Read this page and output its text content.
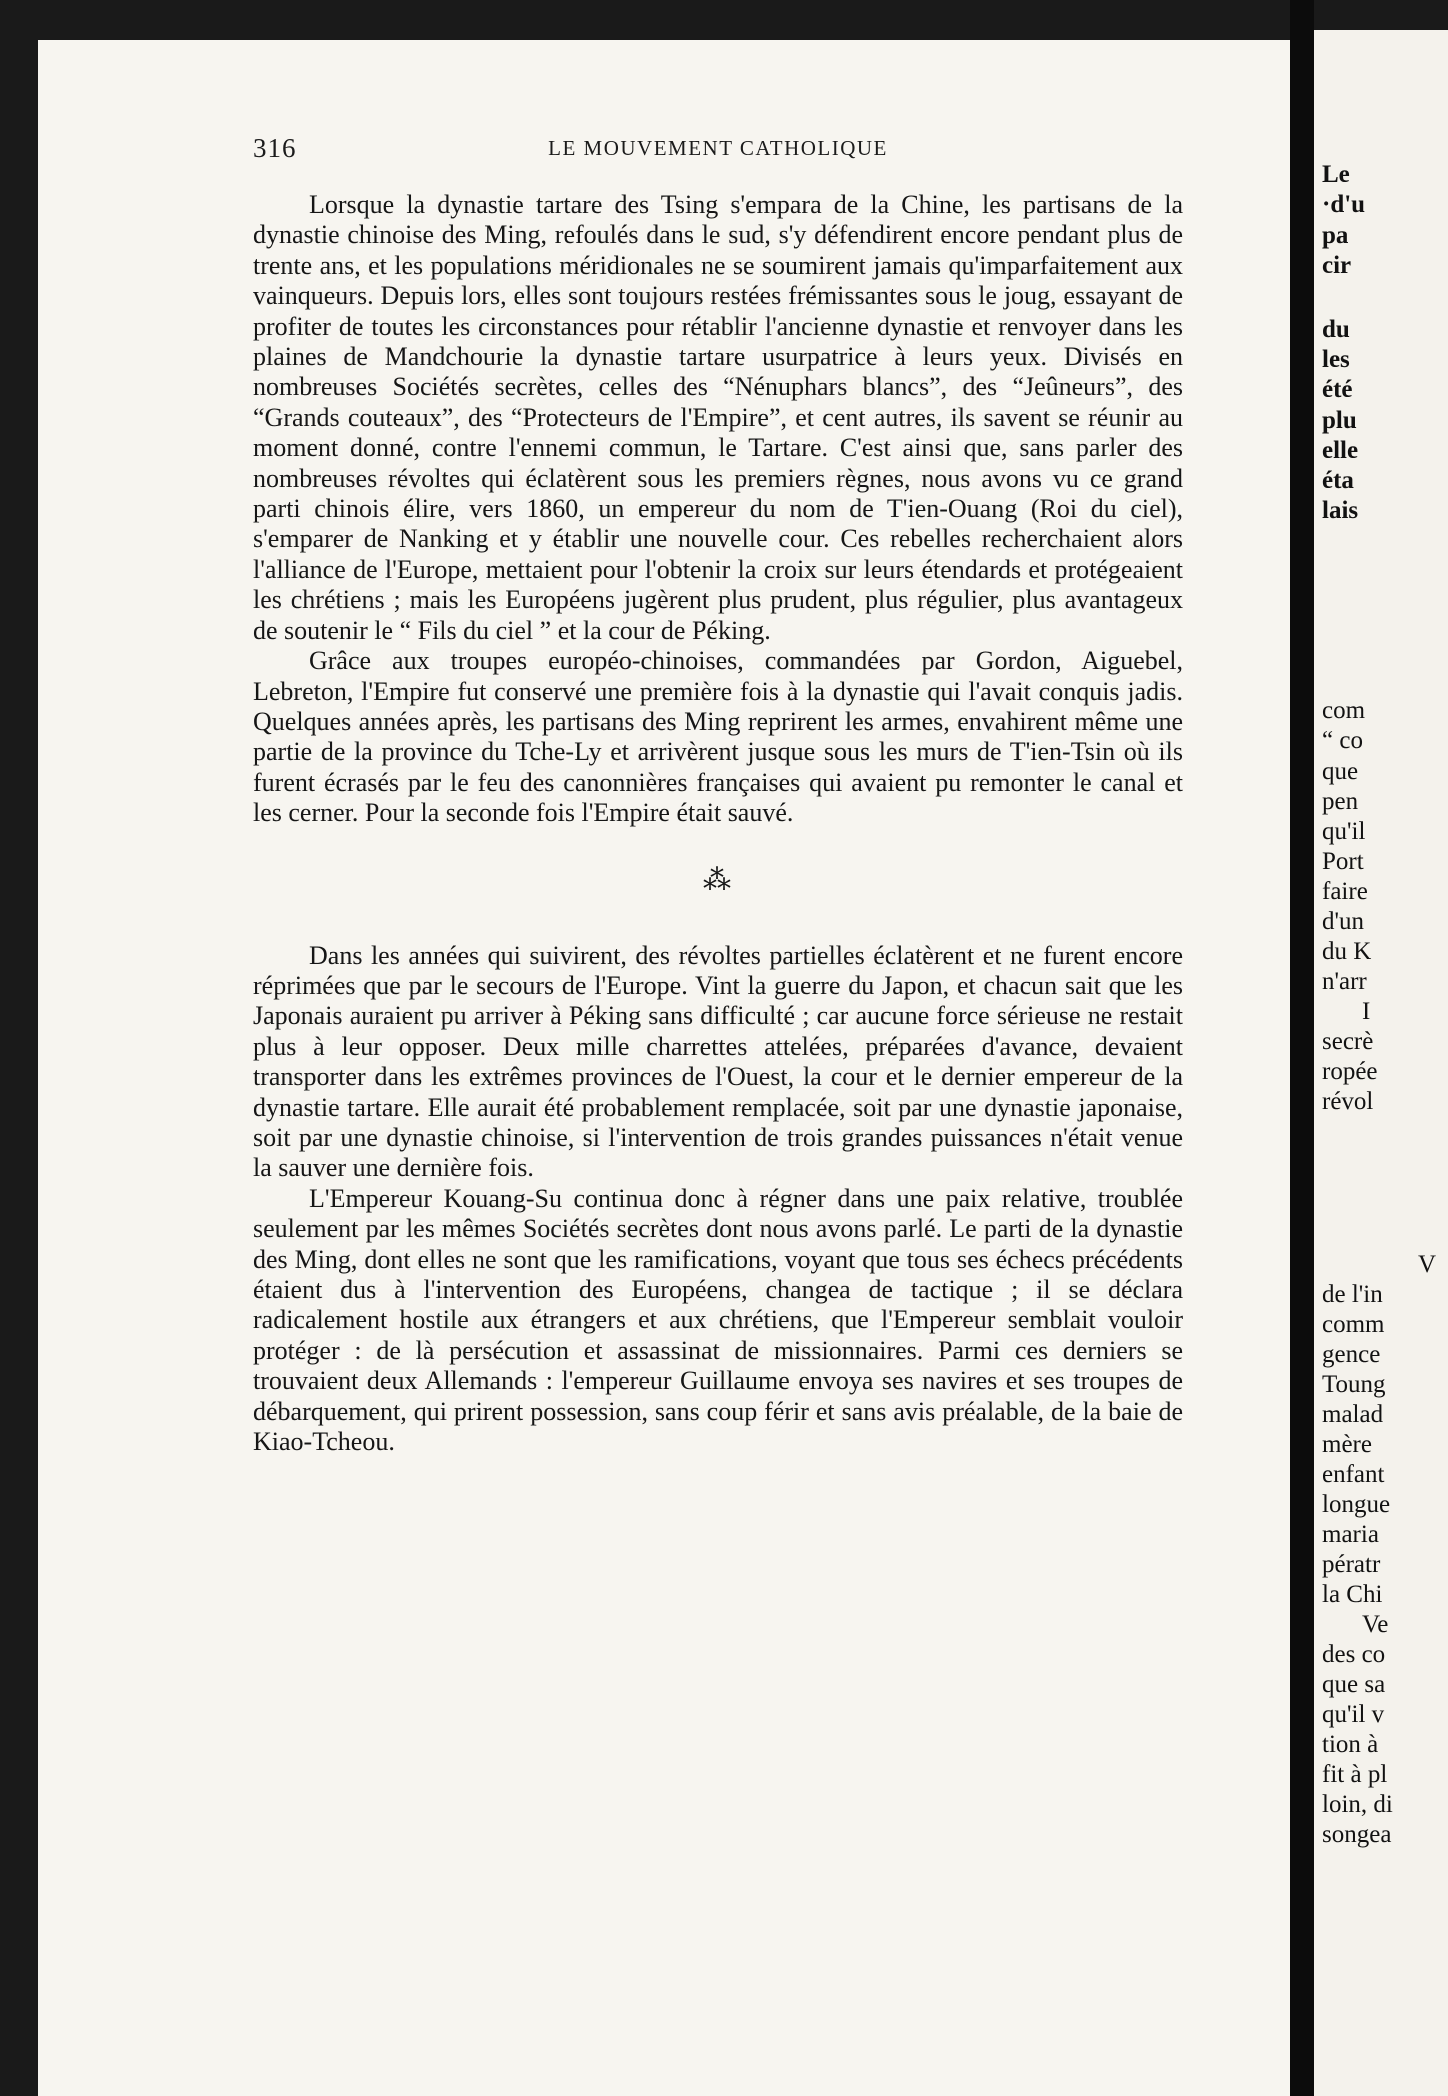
316	LE MOUVEMENT CATHOLIQUE

Lorsque la dynastie tartare des Tsing s'empara de la Chine, les partisans de la dynastie chinoise des Ming, refoulés dans le sud, s'y défendirent encore pendant plus de trente ans, et les populations méridionales ne se soumirent jamais qu'imparfaitement aux vainqueurs. Depuis lors, elles sont toujours restées frémissantes sous le joug, essayant de profiter de toutes les circonstances pour rétablir l'ancienne dynastie et renvoyer dans les plaines de Mandchourie la dynastie tartare usurpatrice à leurs yeux. Divisés en nombreuses Sociétés secrètes, celles des “Nénuphars blancs”, des “Jeûneurs”, des “Grands couteaux”, des “Protecteurs de l'Empire”, et cent autres, ils savent se réunir au moment donné, contre l'ennemi commun, le Tartare. C'est ainsi que, sans parler des nombreuses révoltes qui éclatèrent sous les premiers règnes, nous avons vu ce grand parti chinois élire, vers 1860, un empereur du nom de T'ien-Ouang (Roi du ciel), s'emparer de Nanking et y établir une nouvelle cour. Ces rebelles recherchaient alors l'alliance de l'Europe, mettaient pour l'obtenir la croix sur leurs étendards et protégeaient les chrétiens ; mais les Européens jugèrent plus prudent, plus régulier, plus avantageux de soutenir le “ Fils du ciel ” et la cour de Péking.

Grâce aux troupes européo-chinoises, commandées par Gordon, Aiguebel, Lebreton, l'Empire fut conservé une première fois à la dynastie qui l'avait conquis jadis. Quelques années après, les partisans des Ming reprirent les armes, envahirent même une partie de la province du Tche-Ly et arrivèrent jusque sous les murs de T'ien-Tsin où ils furent écrasés par le feu des canonnières françaises qui avaient pu remonter le canal et les cerner. Pour la seconde fois l'Empire était sauvé.

⁂

Dans les années qui suivirent, des révoltes partielles éclatèrent et ne furent encore réprimées que par le secours de l'Europe. Vint la guerre du Japon, et chacun sait que les Japonais auraient pu arriver à Péking sans difficulté ; car aucune force sérieuse ne restait plus à leur opposer. Deux mille charrettes attelées, préparées d'avance, devaient transporter dans les extrêmes provinces de l'Ouest, la cour et le dernier empereur de la dynastie tartare. Elle aurait été probablement remplacée, soit par une dynastie japonaise, soit par une dynastie chinoise, si l'intervention de trois grandes puissances n'était venue la sauver une dernière fois.

L'Empereur Kouang-Su continua donc à régner dans une paix relative, troublée seulement par les mêmes Sociétés secrètes dont nous avons parlé. Le parti de la dynastie des Ming, dont elles ne sont que les ramifications, voyant que tous ses échecs précédents étaient dus à l'intervention des Européens, changea de tactique ; il se déclara radicalement hostile aux étrangers et aux chrétiens, que l'Empereur semblait vouloir protéger : de là persécution et assassinat de missionnaires. Parmi ces derniers se trouvaient deux Allemands : l'empereur Guillaume envoya ses navires et ses troupes de débarquement, qui prirent possession, sans coup férir et sans avis préalable, de la baie de Kiao-Tcheou.

Le
·d'u
pa
cir
du
les
été
plu
elle
éta
lais
com
“ co
que
pen
qu'il
Port
faire
d'un
du K
n'arr
I
secrè
ropée
révol
V
de l'in
comm
gence
Toung
malad
mère
enfant
longue
maria
pératr
la Chi
Ve
des co
que sa
qu'il v
tion à
fit à pl
loin, di
songea
